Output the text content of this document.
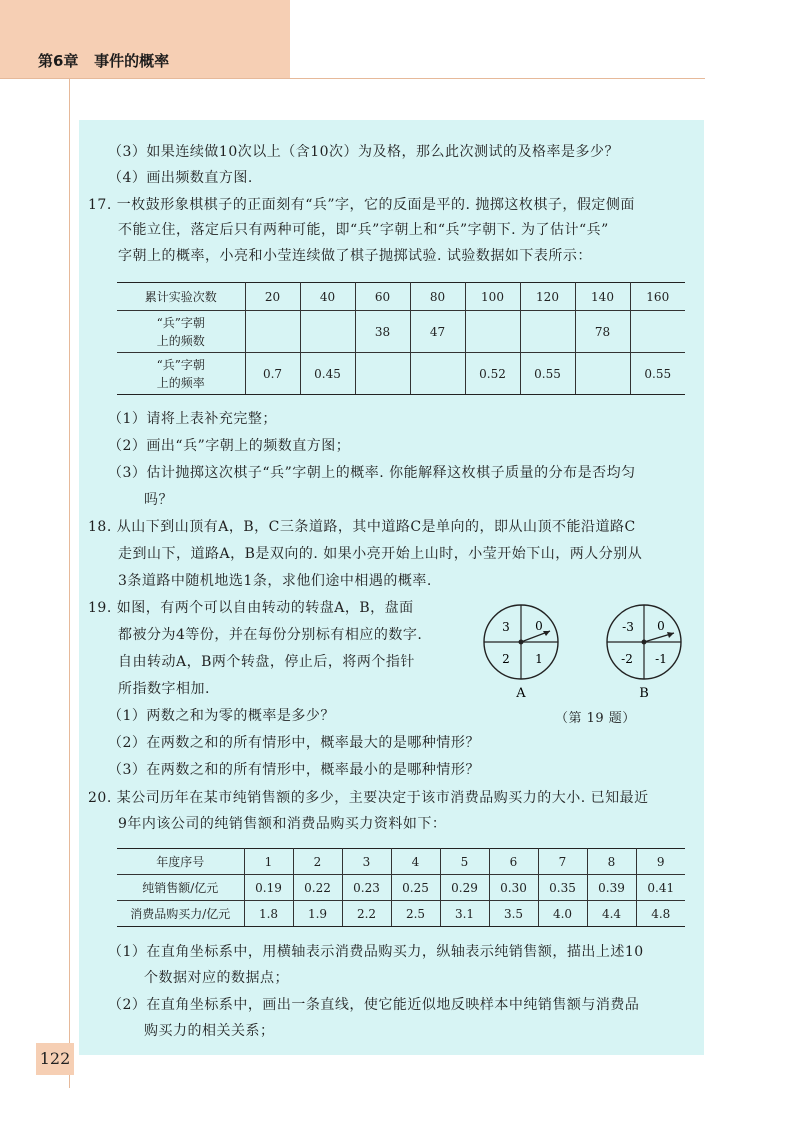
第6章 事件的概率
（3）如果连续做10次以上（含10次）为及格，那么此次测试的及格率是多少？
（4）画出频数直方图.
17. 一枚鼓形象棋棋子的正面刻有“兵”字，它的反面是平的. 抛掷这枚棋子，假定侧面
不能立住，落定后只有两种可能，即“兵”字朝上和“兵”字朝下. 为了估计“兵”
字朝上的概率，小亮和小莹连续做了棋子抛掷试验. 试验数据如下表所示：
累计实验次数	20	40	60	80	100	120	140	160
“兵”字朝
上的频数			38	47			78	
“兵”字朝
上的频率	0.7	0.45			0.52	0.55		0.55
（1）请将上表补充完整；
（2）画出“兵”字朝上的频数直方图；
（3）估计抛掷这次棋子“兵”字朝上的概率. 你能解释这枚棋子质量的分布是否均匀
吗？
18. 从山下到山顶有A，B，C三条道路，其中道路C是单向的，即从山顶不能沿道路C
走到山下，道路A，B是双向的. 如果小亮开始上山时，小莹开始下山，两人分别从
3条道路中随机地选1条，求他们途中相遇的概率.
19. 如图，有两个可以自由转动的转盘A，B，盘面
都被分为4等份，并在每份分别标有相应的数字.
自由转动A，B两个转盘，停止后，将两个指针
所指数字相加.
（1）两数之和为零的概率是多少？
（2）在两数之和的所有情形中，概率最大的是哪种情形？
（3）在两数之和的所有情形中，概率最小的是哪种情形？
3 0
2 1
A
-3 0
-2 -1
B
（第 19 题）
20. 某公司历年在某市纯销售额的多少，主要决定于该市消费品购买力的大小. 已知最近
9年内该公司的纯销售额和消费品购买力资料如下：
年度序号	1	2	3	4	5	6	7	8	9
纯销售额/亿元	0.19	0.22	0.23	0.25	0.29	0.30	0.35	0.39	0.41
消费品购买力/亿元	1.8	1.9	2.2	2.5	3.1	3.5	4.0	4.4	4.8
（1）在直角坐标系中，用横轴表示消费品购买力，纵轴表示纯销售额，描出上述10
个数据对应的数据点；
（2）在直角坐标系中，画出一条直线，使它能近似地反映样本中纯销售额与消费品
购买力的相关关系；
122
